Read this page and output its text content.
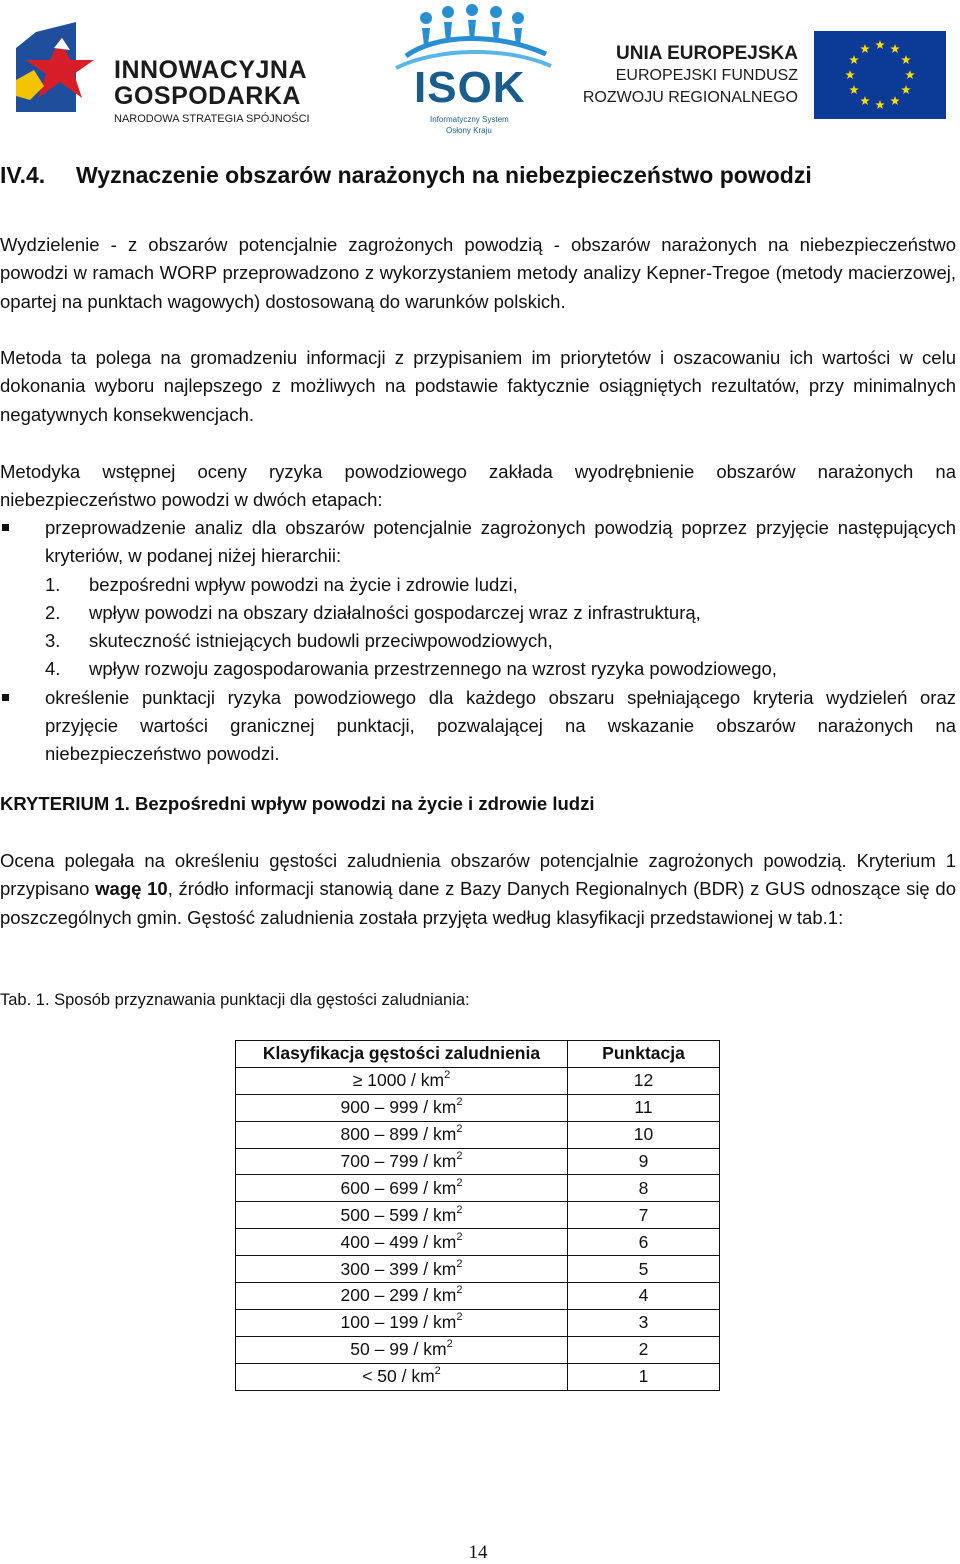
INNOWACYJNA
GOSPODARKA
NARODOWA STRATEGIA SPÓJNOŚCI
ISOK
Informatyczny System
Osłony Kraju
UNIA EUROPEJSKA
EUROPEJSKI FUNDUSZ
ROZWOJU REGIONALNEGO
IV.4. Wyznaczenie obszarów narażonych na niebezpieczeństwo powodzi

Wydzielenie - z obszarów potencjalnie zagrożonych powodzią - obszarów narażonych na niebezpieczeństwo powodzi w ramach WORP przeprowadzono z wykorzystaniem metody analizy Kepner-Tregoe (metody macierzowej, opartej na punktach wagowych) dostosowaną do warunków polskich.

Metoda ta polega na gromadzeniu informacji z przypisaniem im priorytetów i oszacowaniu ich wartości w celu dokonania wyboru najlepszego z możliwych na podstawie faktycznie osiągniętych rezultatów, przy minimalnych negatywnych konsekwencjach.

Metodyka wstępnej oceny ryzyka powodziowego zakłada wyodrębnienie obszarów narażonych na niebezpieczeństwo powodzi w dwóch etapach:

przeprowadzenie analiz dla obszarów potencjalnie zagrożonych powodzią poprzez przyjęcie następujących kryteriów, w podanej niżej hierarchii:
1. bezpośredni wpływ powodzi na życie i zdrowie ludzi,
2. wpływ powodzi na obszary działalności gospodarczej wraz z infrastrukturą,
3. skuteczność istniejących budowli przeciwpowodziowych,
4. wpływ rozwoju zagospodarowania przestrzennego na wzrost ryzyka powodziowego,
określenie punktacji ryzyka powodziowego dla każdego obszaru spełniającego kryteria wydzieleń oraz przyjęcie wartości granicznej punktacji, pozwalającej na wskazanie obszarów narażonych na niebezpieczeństwo powodzi.

KRYTERIUM 1. Bezpośredni wpływ powodzi na życie i zdrowie ludzi

Ocena polegała na określeniu gęstości zaludnienia obszarów potencjalnie zagrożonych powodzią. Kryterium 1 przypisano wagę 10, źródło informacji stanowią dane z Bazy Danych Regionalnych (BDR) z GUS odnoszące się do poszczególnych gmin. Gęstość zaludnienia została przyjęta według klasyfikacji przedstawionej w tab.1:

Tab. 1. Sposób przyznawania punktacji dla gęstości zaludniania:

Klasyfikacja gęstości zaludnienia	Punktacja
≥ $1000 / km^2$	12
$900 - 999 / km^2$	11
$800 - 899 / km^2$	10
$700 - 799 / km^2$	9
$600 - 699 / km^2$	8
$500 - 599 / km^2$	7
$400 - 499 / km^2$	6
$300 - 399 / km^2$	5
$200 - 299 / km^2$	4
$100 - 199 / km^2$	3
$50 - 99 / km^2$	2
< $50 / km^2$	1
14
